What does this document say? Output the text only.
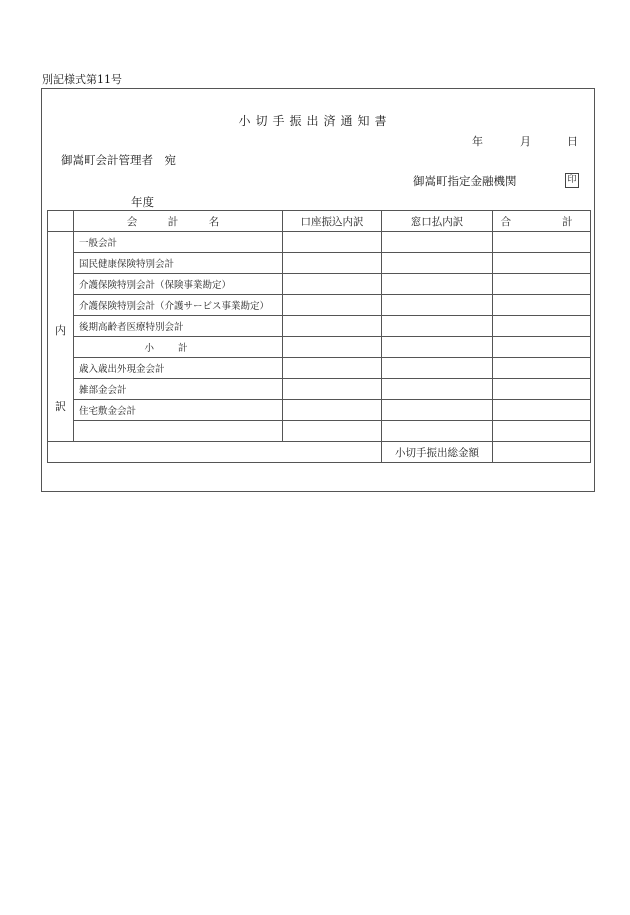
別記様式第11号
小切手振出済通知書
年	月	日
御嵩町会計管理者　宛
御嵩町指定金融機関	印
年度
	会　計　名	口座振込内訳	窓口払内訳	合　　計

内
訳	一般会計			
	国民健康保険特別会計			
	介護保険特別会計（保険事業勘定）			
	介護保険特別会計（介護サービス事業勘定）			
	後期高齢者医療特別会計			
	小計			
	歳入歳出外現金会計			
	雑部金会計			
	住宅敷金会計			

			小切手振出総金額	
